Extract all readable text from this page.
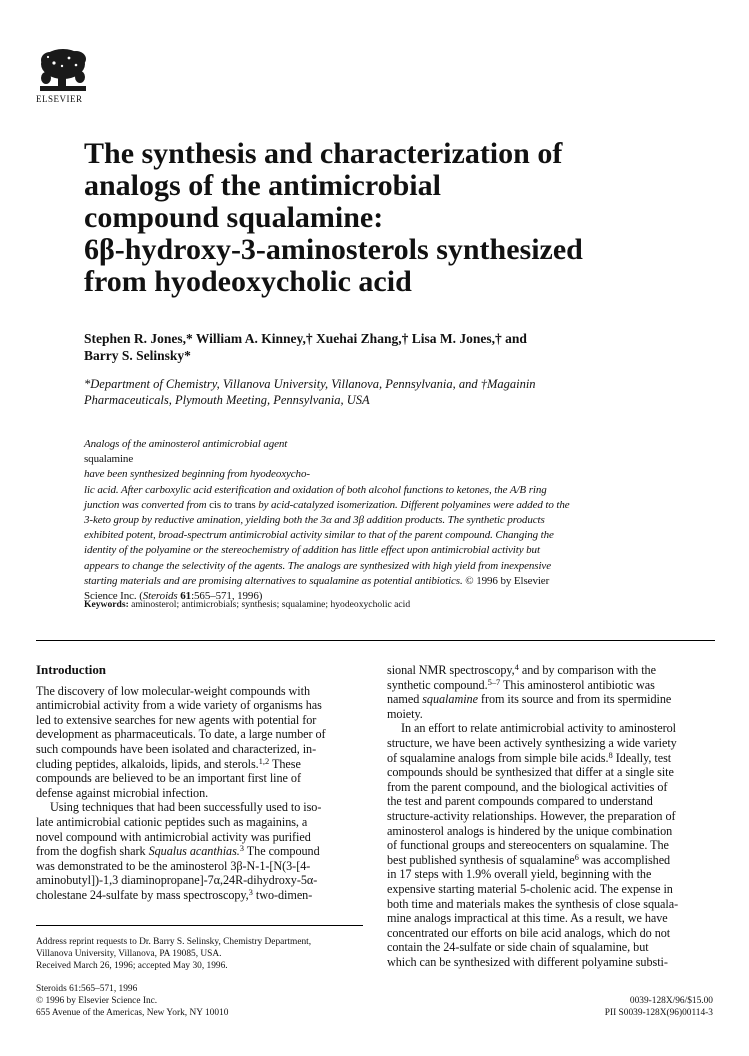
ELSEVIER
The synthesis and characterization of
analogs of the antimicrobial
compound squalamine:
6β-hydroxy-3-aminosterols synthesized
from hyodeoxycholic acid
Stephen R. Jones,* William A. Kinney,† Xuehai Zhang,† Lisa M. Jones,† and
Barry S. Selinsky*
*Department of Chemistry, Villanova University, Villanova, Pennsylvania, and †Magainin
Pharmaceuticals, Plymouth Meeting, Pennsylvania, USA
Analogs of the aminosterol antimicrobial agent
squalamine
have been synthesized beginning from hyodeoxycho-
lic acid. After carboxylic acid esterification and oxidation of both alcohol functions to ketones, the A/B ring
junction was converted from cis to trans by acid-catalyzed isomerization. Different polyamines were added to the
3-keto group by reductive amination, yielding both the 3α and 3β addition products. The synthetic products
exhibited potent, broad-spectrum antimicrobial activity similar to that of the parent compound. Changing the
identity of the polyamine or the stereochemistry of addition has little effect upon antimicrobial activity but
appears to change the selectivity of the agents. The analogs are synthesized with high yield from inexpensive
starting materials and are promising alternatives to squalamine as potential antibiotics. © 1996 by Elsevier
Science Inc. (Steroids 61:565–571, 1996)
Keywords: aminosterol; antimicrobials; synthesis; squalamine; hyodeoxycholic acid
Introduction
The discovery of low molecular-weight compounds with
antimicrobial activity from a wide variety of organisms has
led to extensive searches for new agents with potential for
development as pharmaceuticals. To date, a large number of
such compounds have been isolated and characterized, in-
cluding peptides, alkaloids, lipids, and sterols.$^{1,2}$ These
compounds are believed to be an important first line of
defense against microbial infection.
Using techniques that had been successfully used to iso-
late antimicrobial cationic peptides such as magainins, a
novel compound with antimicrobial activity was purified
from the dogfish shark Squalus acanthias.$^3$ The compound
was demonstrated to be the aminosterol 3β-N-1-[N(3-[4-
aminobutyl])-1,3 diaminopropane]-7α,24R-dihydroxy-5α-
cholestane 24-sulfate by mass spectroscopy,$^3$ two-dimen-
sional NMR spectroscopy,$^4$ and by comparison with the
synthetic compound.$^{5-7}$ This aminosterol antibiotic was
named squalamine from its source and from its spermidine
moiety.
In an effort to relate antimicrobial activity to aminosterol
structure, we have been actively synthesizing a wide variety
of squalamine analogs from simple bile acids.$^8$ Ideally, test
compounds should be synthesized that differ at a single site
from the parent compound, and the biological activities of
the test and parent compounds compared to understand
structure-activity relationships. However, the preparation of
aminosterol analogs is hindered by the unique combination
of functional groups and stereocenters on squalamine. The
best published synthesis of squalamine$^6$ was accomplished
in 17 steps with 1.9% overall yield, beginning with the
expensive starting material 5-cholenic acid. The expense in
both time and materials makes the synthesis of close squala-
mine analogs impractical at this time. As a result, we have
concentrated our efforts on bile acid analogs, which do not
contain the 24-sulfate or side chain of squalamine, but
which can be synthesized with different polyamine substi-
Address reprint requests to Dr. Barry S. Selinsky, Chemistry Department,
Villanova University, Villanova, PA 19085, USA.
Received March 26, 1996; accepted May 30, 1996.
Steroids 61:565–571, 1996
© 1996 by Elsevier Science Inc.
655 Avenue of the Americas, New York, NY 10010
0039-128X/96/$15.00
PII S0039-128X(96)00114-3
